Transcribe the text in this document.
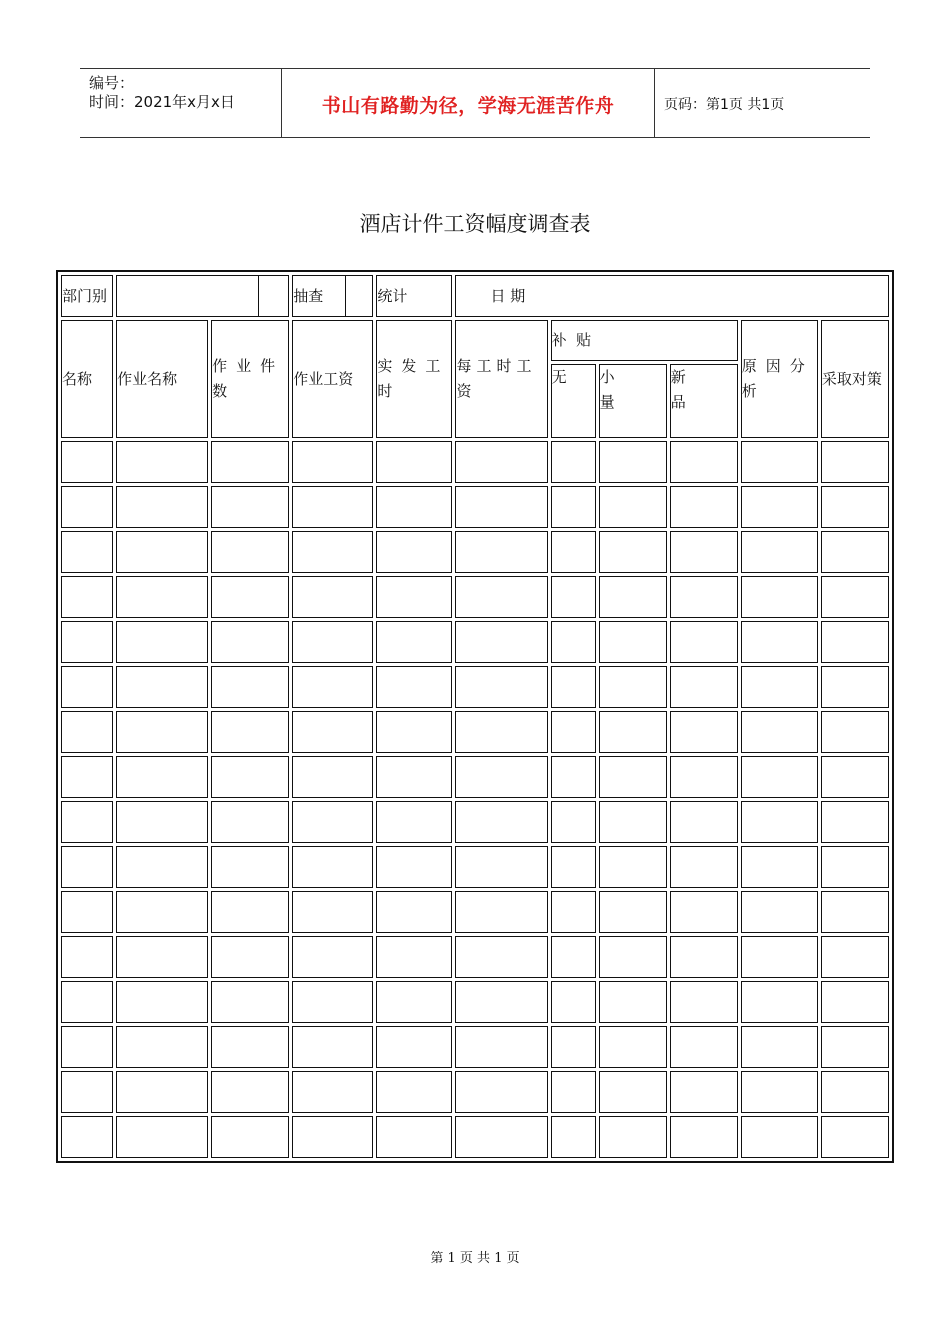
编号：
时间：2021年x月x日	书山有路勤为径，学海无涯苦作舟	页码：第1页 共1页
酒店计件工资幅度调查表
部门别			抽查	统计	日 期					
名称	作业名称	作业件数	作业工资	实发工时	每工时工资	补  贴			原因分析	采取对策
						无	小量	新品		

第 1 页 共 1 页
